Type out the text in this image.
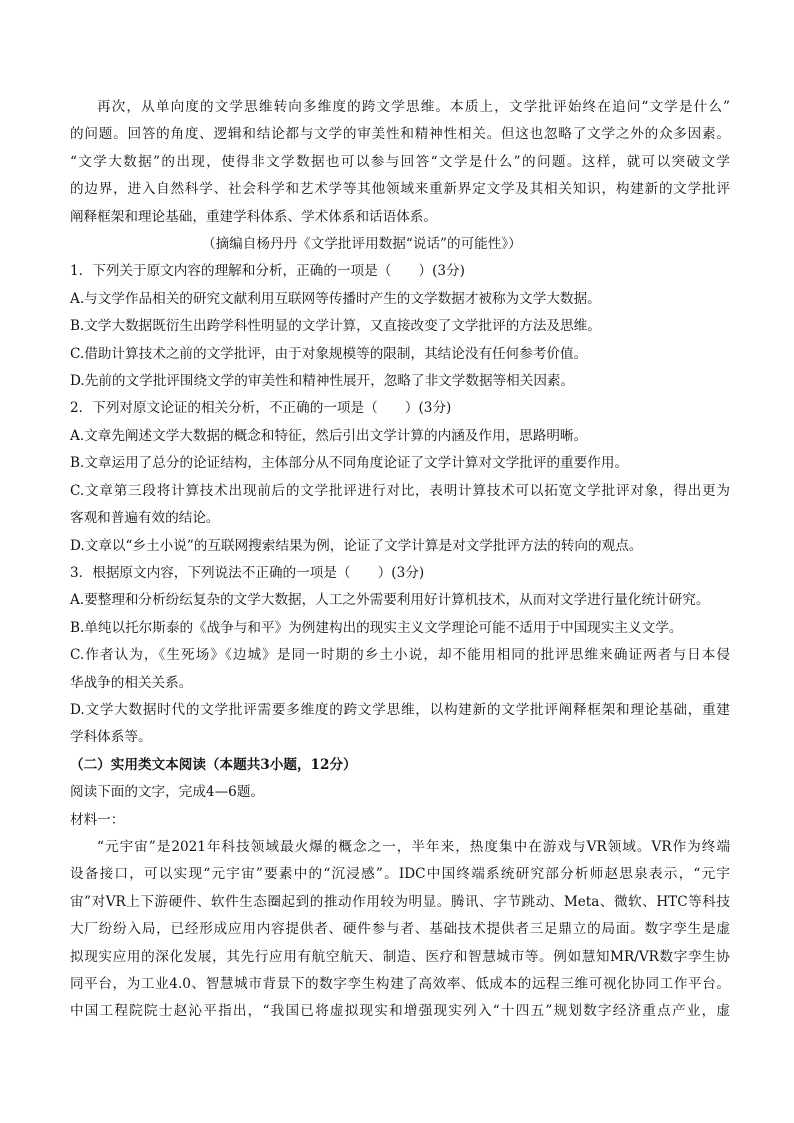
再次，从单向度的文学思维转向多维度的跨文学思维。本质上，文学批评始终在追问“文学是什么”

的问题。回答的角度、逻辑和结论都与文学的审美性和精神性相关。但这也忽略了文学之外的众多因素。

“文学大数据”的出现，使得非文学数据也可以参与回答“文学是什么”的问题。这样，就可以突破文学

的边界，进入自然科学、社会科学和艺术学等其他领域来重新界定文学及其相关知识，构建新的文学批评

阐释框架和理论基础，重建学科体系、学术体系和话语体系。

（摘编自杨丹丹《文学批评用数据“说话”的可能性》）

1．下列关于原文内容的理解和分析，正确的一项是（　　）(3分)

A.与文学作品相关的研究文献利用互联网等传播时产生的文学数据才被称为文学大数据。

B.文学大数据既衍生出跨学科性明显的文学计算，又直接改变了文学批评的方法及思维。

C.借助计算技术之前的文学批评，由于对象规模等的限制，其结论没有任何参考价值。

D.先前的文学批评围绕文学的审美性和精神性展开，忽略了非文学数据等相关因素。

2．下列对原文论证的相关分析，不正确的一项是（　　）(3分)

A.文章先阐述文学大数据的概念和特征，然后引出文学计算的内涵及作用，思路明晰。

B.文章运用了总分的论证结构，主体部分从不同角度论证了文学计算对文学批评的重要作用。

C.文章第三段将计算技术出现前后的文学批评进行对比，表明计算技术可以拓宽文学批评对象，得出更为

客观和普遍有效的结论。

D.文章以“乡土小说”的互联网搜索结果为例，论证了文学计算是对文学批评方法的转向的观点。

3．根据原文内容，下列说法不正确的一项是（　　）(3分)

A.要整理和分析纷纭复杂的文学大数据，人工之外需要利用好计算机技术，从而对文学进行量化统计研究。

B.单纯以托尔斯泰的《战争与和平》为例建构出的现实主义文学理论可能不适用于中国现实主义文学。

C.作者认为，《生死场》《边城》是同一时期的乡土小说，却不能用相同的批评思维来确证两者与日本侵

华战争的相关关系。

D.文学大数据时代的文学批评需要多维度的跨文学思维，以构建新的文学批评阐释框架和理论基础，重建

学科体系等。

（二）实用类文本阅读（本题共3小题，12分）

阅读下面的文字，完成4—6题。

材料一：

“元宇宙”是2021年科技领域最火爆的概念之一，半年来，热度集中在游戏与VR领域。VR作为终端

设备接口，可以实现“元宇宙”要素中的“沉浸感”。IDC中国终端系统研究部分析师赵思泉表示，“元宇

宙”对VR上下游硬件、软件生态圈起到的推动作用较为明显。腾讯、字节跳动、Meta、微软、HTC等科技

大厂纷纷入局，已经形成应用内容提供者、硬件参与者、基础技术提供者三足鼎立的局面。数字孪生是虚

拟现实应用的深化发展，其先行应用有航空航天、制造、医疗和智慧城市等。例如慧知MR/VR数字孪生协

同平台，为工业4.0、智慧城市背景下的数字孪生构建了高效率、低成本的远程三维可视化协同工作平台。

中国工程院院士赵沁平指出，“我国已将虚拟现实和增强现实列入“十四五”规划数字经济重点产业，虚
